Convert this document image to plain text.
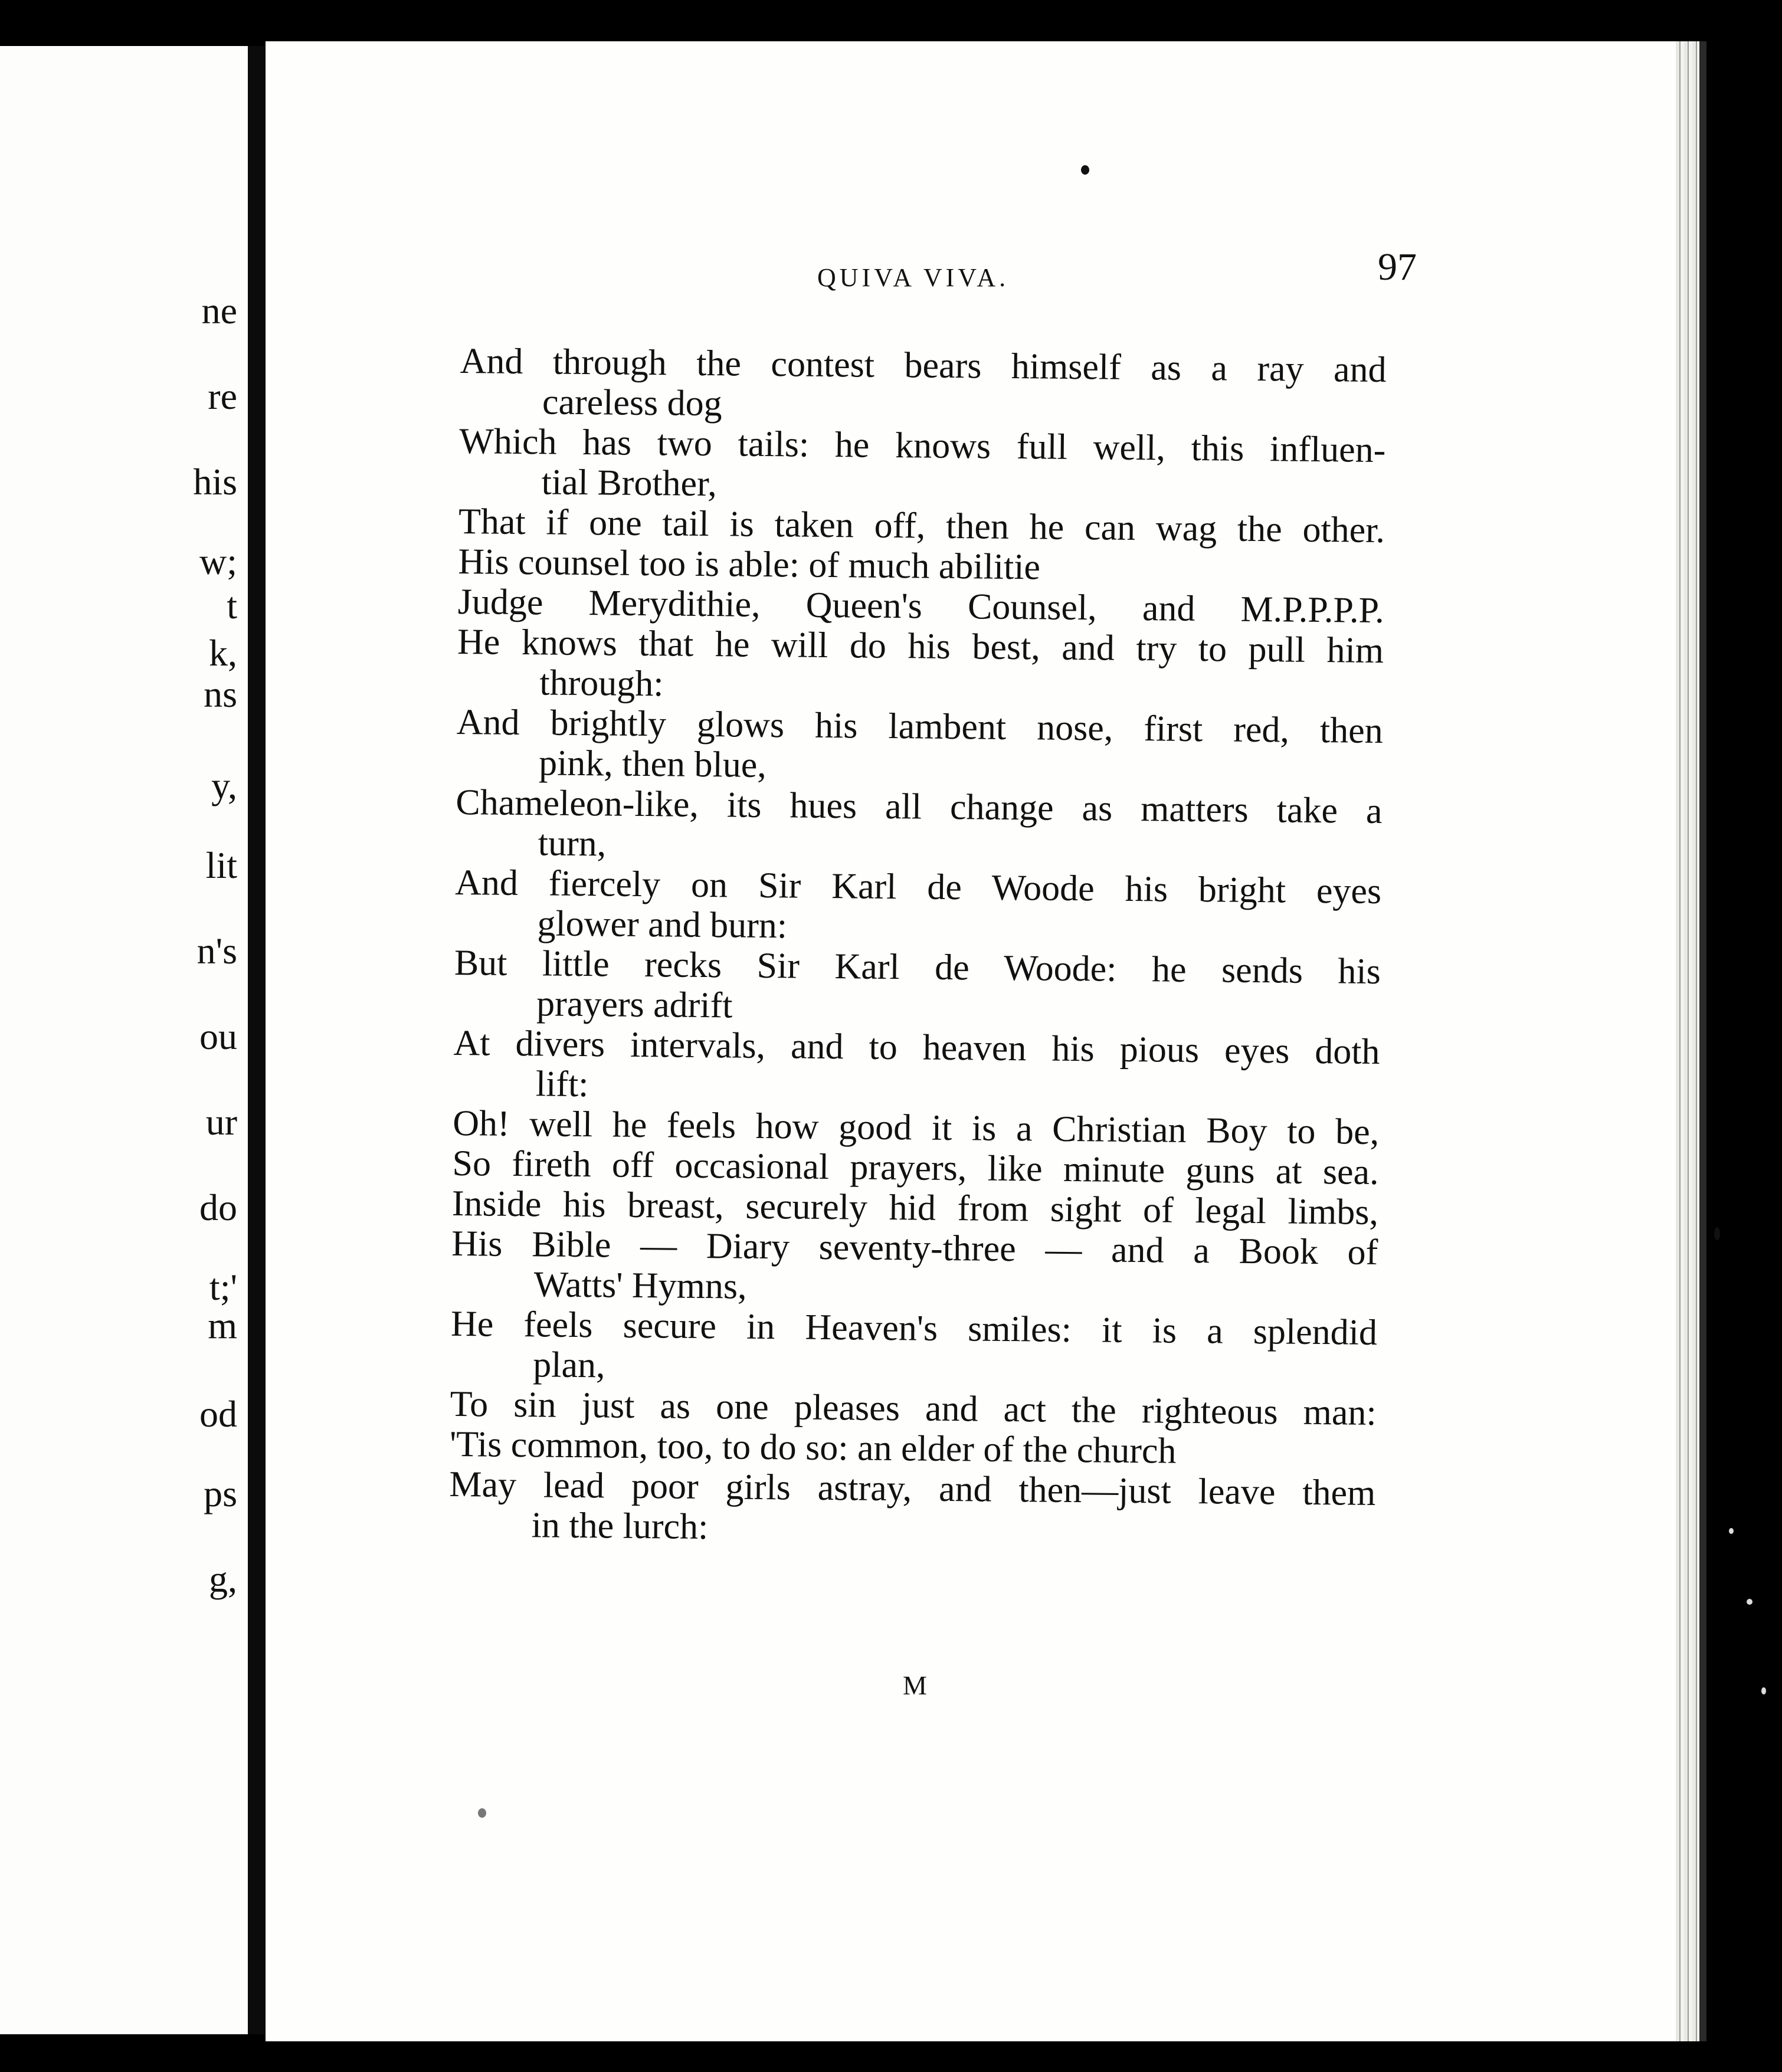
ne
re
his
w;
t
k,
ns
y,
lit
n's
ou
ur
do
t;'
m
od
ps
g,
QUIVA VIVA.	97
And through the contest bears himself as a ray and
careless dog
Which has two tails: he knows full well, this influen-
tial Brother,
That if one tail is taken off, then he can wag the other.
His counsel too is able: of much abilitie
Judge Merydithie, Queen's Counsel, and M.P.P.P.P.
He knows that he will do his best, and try to pull him
through:
And brightly glows his lambent nose, first red, then
pink, then blue,
Chameleon-like, its hues all change as matters take a
turn,
And fiercely on Sir Karl de Woode his bright eyes
glower and burn:
But little recks Sir Karl de Woode: he sends his
prayers adrift
At divers intervals, and to heaven his pious eyes doth
lift:
Oh! well he feels how good it is a Christian Boy to be,
So fireth off occasional prayers, like minute guns at sea.
Inside his breast, securely hid from sight of legal limbs,
His Bible — Diary seventy-three — and a Book of
Watts' Hymns,
He feels secure in Heaven's smiles: it is a splendid
plan,
To sin just as one pleases and act the righteous man:
'Tis common, too, to do so: an elder of the church
May lead poor girls astray, and then—just leave them
in the lurch:
M
